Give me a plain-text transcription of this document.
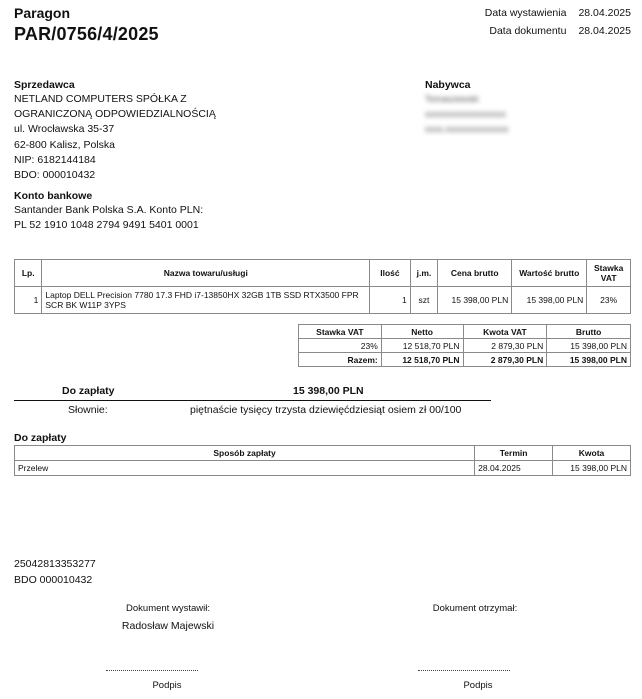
Paragon
PAR/0756/4/2025
Data wystawienia	28.04.2025
Data dokumentu	28.04.2025
Sprzedawca
NETLAND COMPUTERS SPÓŁKA Z
OGRANICZONĄ ODPOWIEDZIALNOŚCIĄ
ul. Wrocławska 35-37
62-800 Kalisz, Polska
NIP: 6182144184
BDO: 000010432
Nabywca
Tomaszewski
xxxxxxxxxxxxxxxxxx
xxxx.xxxxxxxxxxxxxx
Konto bankowe
Santander Bank Polska S.A. Konto PLN:
PL 52 1910 1048 2794 9491 5401 0001
Lp.	Nazwa towaru/usługi	Ilość	j.m.	Cena brutto	Wartość brutto	Stawka VAT
1	Laptop DELL Precision 7780 17.3 FHD i7-13850HX 32GB 1TB SSD RTX3500 FPR SCR BK W11P 3YPS	1	szt	15 398,00 PLN	15 398,00 PLN	23%
Stawka VAT	Netto	Kwota VAT	Brutto
23%	12 518,70 PLN	2 879,30 PLN	15 398,00 PLN
Razem:	12 518,70 PLN	2 879,30 PLN	15 398,00 PLN
Do zapłaty	15 398,00 PLN
Słownie:	piętnaście tysięcy trzysta dziewięćdziesiąt osiem zł 00/100
Do zapłaty
Sposób zapłaty	Termin	Kwota
Przelew	28.04.2025	15 398,00 PLN
25042813353277
BDO 000010432
Dokument wystawił:
Radosław Majewski
Dokument otrzymał:
Podpis	Podpis
